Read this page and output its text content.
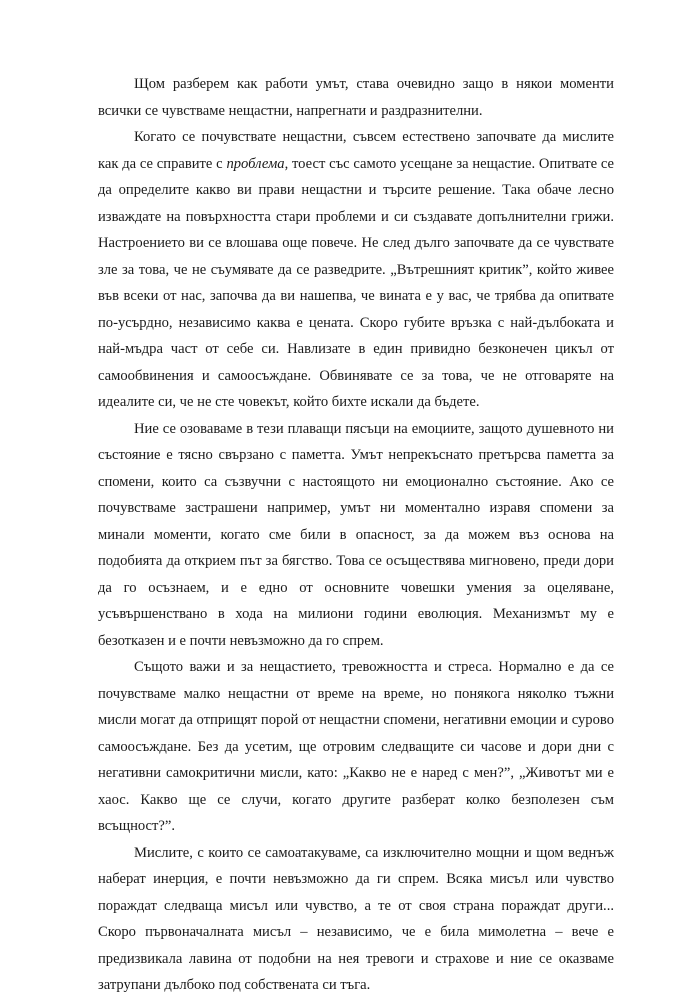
Щом разберем как работи умът, става очевидно защо в някои моменти всички се чувстваме нещастни, напрегнати и раздразнителни.

Когато се почувствате нещастни, съвсем естествено започвате да мислите как да се справите с проблема, тоест със самото усещане за нещастие. Опитвате се да определите какво ви прави нещастни и търсите решение. Така обаче лесно изваждате на повърхността стари проблеми и си създавате допълнителни грижи. Настроението ви се влошава още повече. Не след дълго започвате да се чувствате зле за това, че не съумявате да се разведрите. „Вътрешният критик”, който живее във всеки от нас, започва да ви нашепва, че вината е у вас, че трябва да опитвате по-усърдно, независимо каква е цената. Скоро губите връзка с най-дълбоката и най-мъдра част от себе си. Навлизате в един привидно безконечен цикъл от самообвинения и самоосъждане. Обвинявате се за това, че не отговаряте на идеалите си, че не сте човекът, който бихте искали да бъдете.

Ние се озоваваме в тези плаващи пясъци на емоциите, защото душевното ни състояние е тясно свързано с паметта. Умът непрекъснато претърсва паметта за спомени, които са съзвучни с настоящото ни емоционално състояние. Ако се почувстваме застрашени например, умът ни моментално изравя спомени за минали моменти, когато сме били в опасност, за да можем въз основа на подобията да открием път за бягство. Това се осъществява мигновено, преди дори да го осъзнаем, и е едно от основните човешки умения за оцеляване, усъвършенствано в хода на милиони години еволюция. Механизмът му е безотказен и е почти невъзможно да го спрем.

Същото важи и за нещастието, тревожността и стреса. Нормално е да се почувстваме малко нещастни от време на време, но понякога няколко тъжни мисли могат да отприщят порой от нещастни спомени, негативни емоции и сурово самоосъждане. Без да усетим, ще отровим следващите си часове и дори дни с негативни самокритични мисли, като: „Какво не е наред с мен?”, „Животът ми е хаос. Какво ще се случи, когато другите разберат колко безполезен съм всъщност?”.

Мислите, с които се самоатакуваме, са изключително мощни и щом веднъж наберат инерция, е почти невъзможно да ги спрем. Всяка мисъл или чувство пораждат следваща мисъл или чувство, а те от своя страна пораждат други... Скоро първоначалната мисъл – независимо, че е била мимолетна – вече е предизвикала лавина от подобни на нея тревоги и страхове и ние се оказваме затрупани дълбоко под собствената си тъга.
